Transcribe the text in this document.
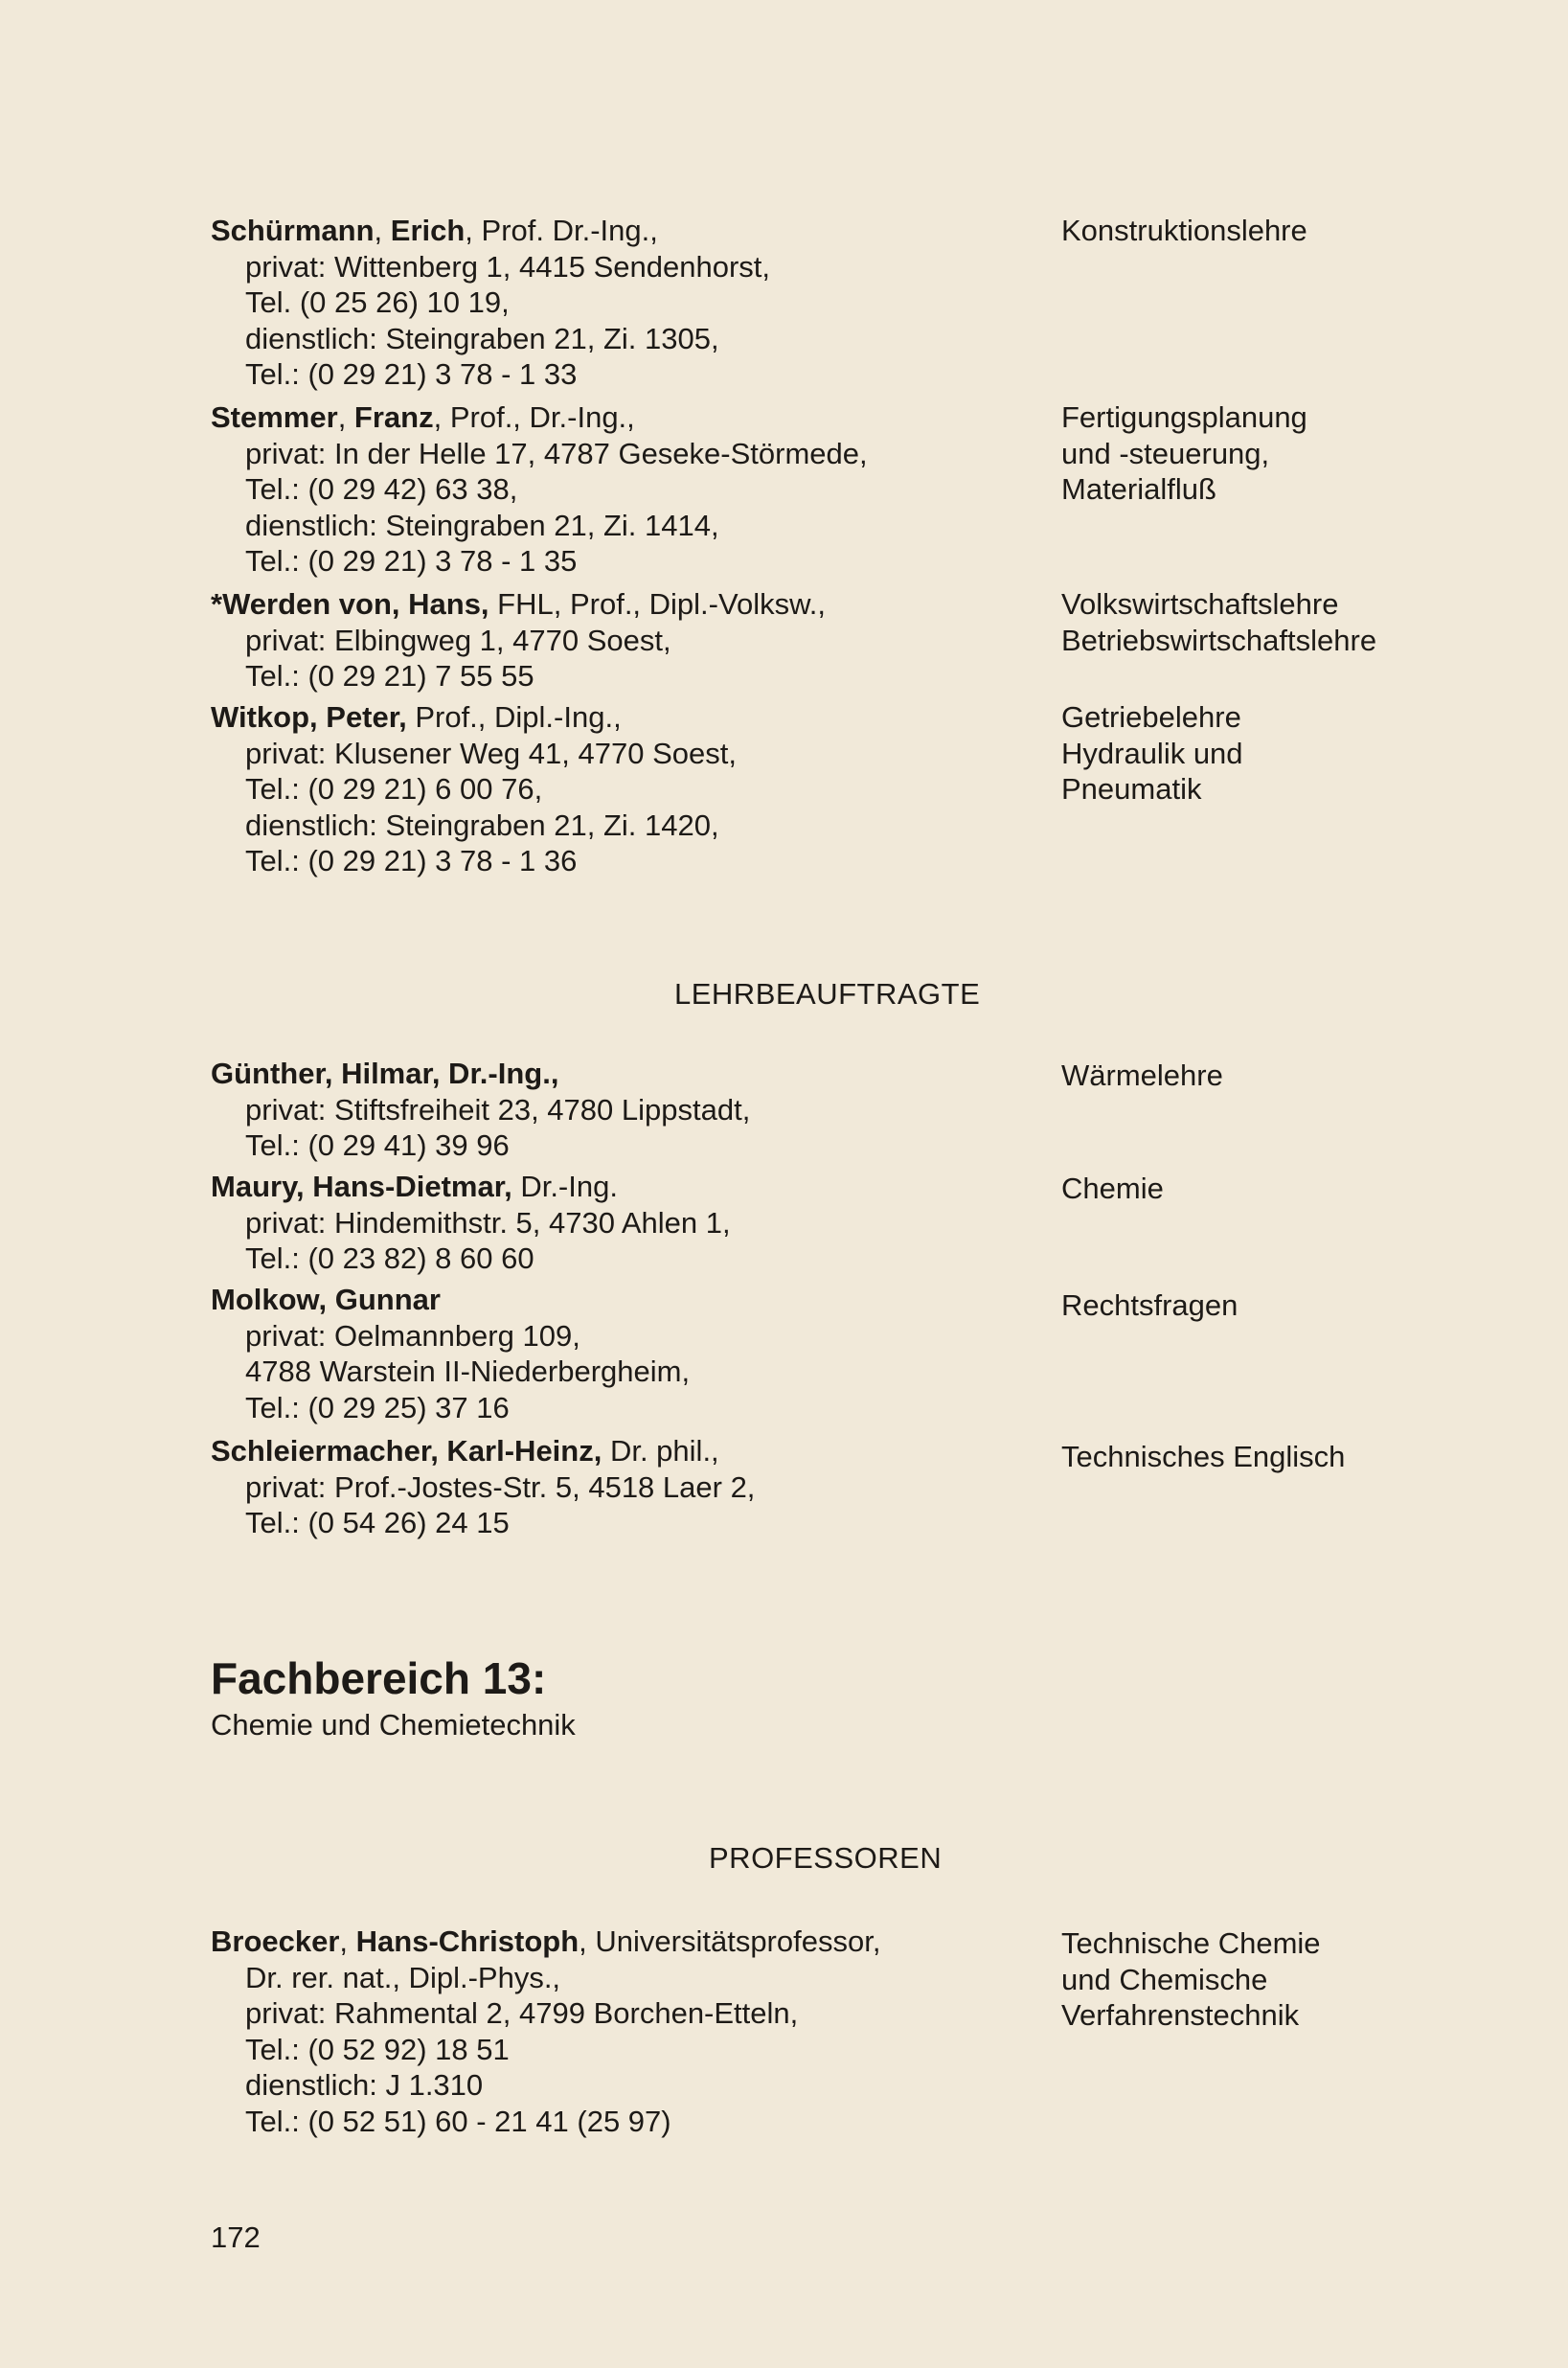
Schürmann, Erich, Prof. Dr.-Ing.,
privat: Wittenberg 1, 4415 Sendenhorst,
Tel. (0 25 26) 10 19,
dienstlich: Steingraben 21, Zi. 1305,
Tel.: (0 29 21) 3 78 - 1 33
Konstruktionslehre
Stemmer, Franz, Prof., Dr.-Ing.,
privat: In der Helle 17, 4787 Geseke-Störmede,
Tel.: (0 29 42) 63 38,
dienstlich: Steingraben 21, Zi. 1414,
Tel.: (0 29 21) 3 78 - 1 35
Fertigungsplanung
und -steuerung,
Materialfluß
*Werden von, Hans, FHL, Prof., Dipl.-Volksw.,
privat: Elbingweg 1, 4770 Soest,
Tel.: (0 29 21) 7 55 55
Volkswirtschaftslehre
Betriebswirtschaftslehre
Witkop, Peter, Prof., Dipl.-Ing.,
privat: Klusener Weg 41, 4770 Soest,
Tel.: (0 29 21) 6 00 76,
dienstlich: Steingraben 21, Zi. 1420,
Tel.: (0 29 21) 3 78 - 1 36
Getriebelehre
Hydraulik und
Pneumatik
LEHRBEAUFTRAGTE
Günther, Hilmar, Dr.-Ing.,
privat: Stiftsfreiheit 23, 4780 Lippstadt,
Tel.: (0 29 41) 39 96
Wärmelehre
Maury, Hans-Dietmar, Dr.-Ing.
privat: Hindemithstr. 5, 4730 Ahlen 1,
Tel.: (0 23 82) 8 60 60
Chemie
Molkow, Gunnar
privat: Oelmannberg 109,
4788 Warstein II-Niederbergheim,
Tel.: (0 29 25) 37 16
Rechtsfragen
Schleiermacher, Karl-Heinz, Dr. phil.,
privat: Prof.-Jostes-Str. 5, 4518 Laer 2,
Tel.: (0 54 26) 24 15
Technisches Englisch
Fachbereich 13:
Chemie und Chemietechnik
PROFESSOREN
Broecker, Hans-Christoph, Universitätsprofessor,
Dr. rer. nat., Dipl.-Phys.,
privat: Rahmental 2, 4799 Borchen-Etteln,
Tel.: (0 52 92) 18 51
dienstlich: J 1.310
Tel.: (0 52 51) 60 - 21 41 (25 97)
Technische Chemie
und Chemische
Verfahrenstechnik
172
